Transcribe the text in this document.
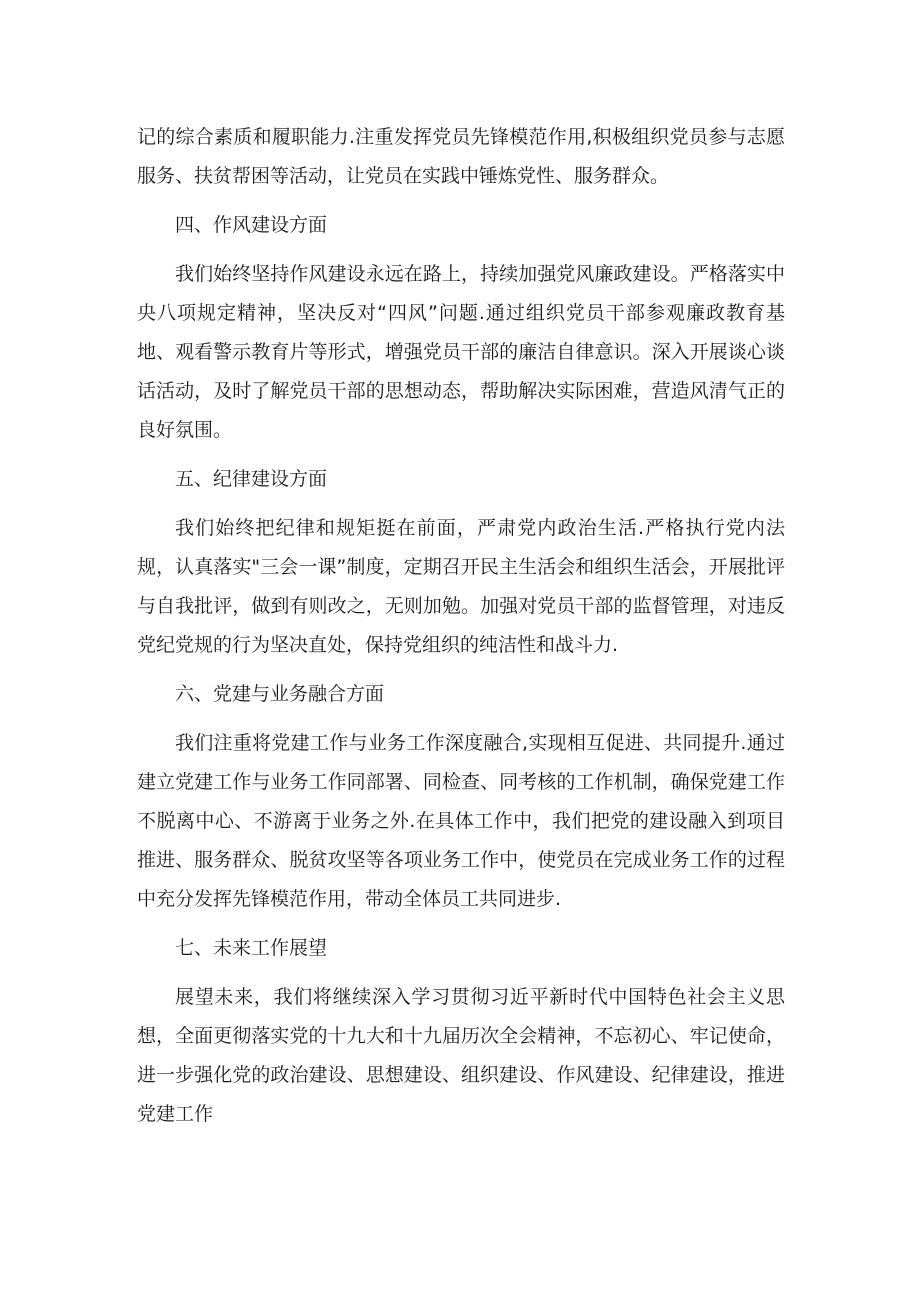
记的综合素质和履职能力.注重发挥党员先锋模范作用,积极组织党员参与志愿服务、扶贫帮困等活动，让党员在实践中锤炼党性、服务群众。

四、作风建设方面

我们始终坚持作风建设永远在路上，持续加强党风廉政建设。严格落实中央八项规定精神，坚决反对“四风”问题.通过组织党员干部参观廉政教育基地、观看警示教育片等形式，增强党员干部的廉洁自律意识。深入开展谈心谈话活动，及时了解党员干部的思想动态，帮助解决实际困难，营造风清气正的良好氛围。

五、纪律建设方面

我们始终把纪律和规矩挺在前面，严肃党内政治生活.严格执行党内法规，认真落实"三会一课”制度，定期召开民主生活会和组织生活会，开展批评与自我批评，做到有则改之，无则加勉。加强对党员干部的监督管理，对违反党纪党规的行为坚决直处，保持党组织的纯洁性和战斗力.

六、党建与业务融合方面

我们注重将党建工作与业务工作深度融合,实现相互促进、共同提升.通过建立党建工作与业务工作同部署、同检查、同考核的工作机制，确保党建工作不脱离中心、不游离于业务之外.在具体工作中，我们把党的建设融入到项目推进、服务群众、脱贫攻坚等各项业务工作中，使党员在完成业务工作的过程中充分发挥先锋模范作用，带动全体员工共同进步.

七、未来工作展望

展望未来，我们将继续深入学习贯彻习近平新时代中国特色社会主义思想，全面更彻落实党的十九大和十九届历次全会精神，不忘初心、牢记使命，进一步强化党的政治建设、思想建设、组织建设、作风建设、纪律建设，推进党建工作
